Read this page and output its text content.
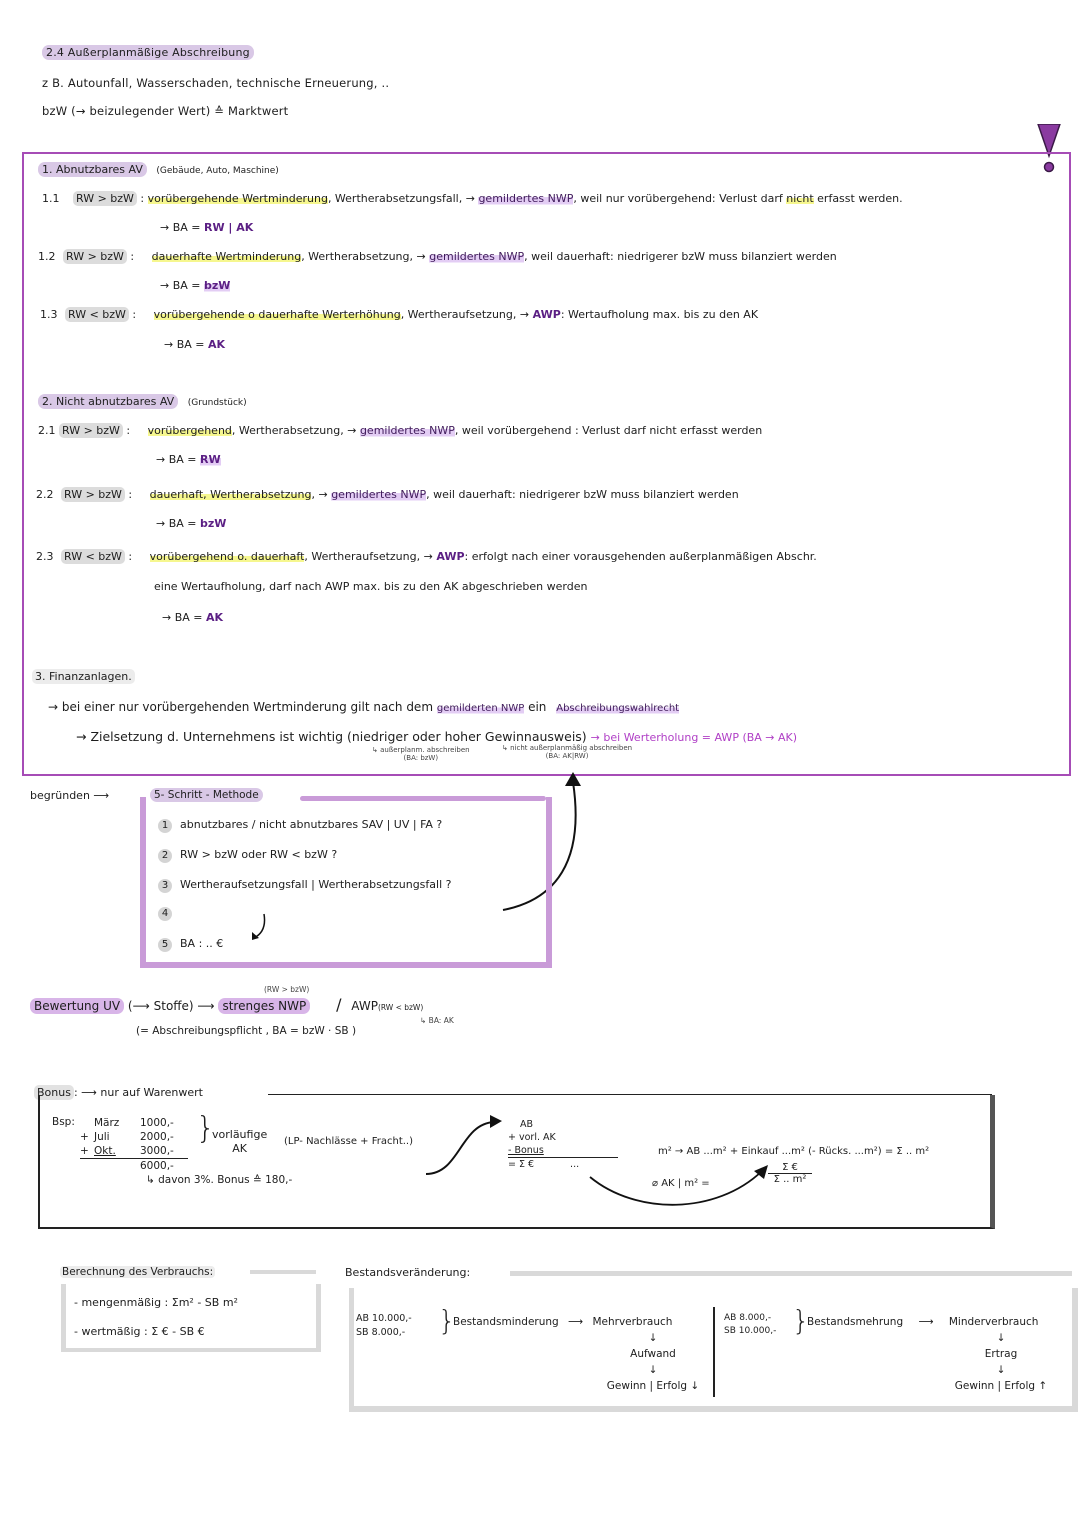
2.4 Außerplanmäßige Abschreibung
z B. Autounfall, Wasserschaden, technische Erneuerung, ..
bzW (→ beizulegender Wert) ≙ Marktwert
1. Abnutzbares AV (Gebäude, Auto, Maschine)
1.1 RW > bzW : vorübergehende Wertminderung, Wertherabsetzungsfall, → gemildertes NWP, weil nur vorübergehend: Verlust darf nicht erfasst werden.
→ BA = RW | AK
1.2 RW > bzW : dauerhafte Wertminderung, Wertherabsetzung, → gemildertes NWP, weil dauerhaft: niedrigerer bzW muss bilanziert werden
→ BA = bzW
1.3 RW < bzW : vorübergehende o dauerhafte Werterhöhung, Wertheraufsetzung, → AWP: Wertaufholung max. bis zu den AK
→ BA = AK
2. Nicht abnutzbares AV (Grundstück)
2.1 RW > bzW : vorübergehend, Wertherabsetzung, → gemildertes NWP, weil vorübergehend : Verlust darf nicht erfasst werden
→ BA = RW
2.2 RW > bzW : dauerhaft, Wertherabsetzung, → gemildertes NWP, weil dauerhaft: niedrigerer bzW muss bilanziert werden
→ BA = bzW
2.3 RW < bzW : vorübergehend o. dauerhaft, Wertheraufsetzung, → AWP: erfolgt nach einer vorausgehenden außerplanmäßigen Abschr.
eine Wertaufholung, darf nach AWP max. bis zu den AK abgeschrieben werden
→ BA = AK
3. Finanzanlagen.
→ bei einer nur vorübergehenden Wertminderung gilt nach dem gemilderten NWP ein Abschreibungswahlrecht
→ Zielsetzung d. Unternehmens ist wichtig (niedriger oder hoher Gewinnausweis) → bei Werterholung = AWP (BA → AK)
↳ außerplanm. abschreiben
(BA: bzW)
↳ nicht außerplanmäßig abschreiben
(BA: AK|RW)
begründen ⟶	5- Schritt - Methode
1 abnutzbares / nicht abnutzbares SAV | UV | FA ?
2 RW > bzW oder RW < bzW ?
3 Wertheraufsetzungsfall | Wertherabsetzungsfall ?
4
5 BA : .. €
(RW > bzW)
Bewertung UV (⟶ Stoffe) ⟶ strenges NWP / AWP(RW < bzW)
↳ BA: AK
(= Abschreibungspflicht , BA = bzW · SB )
Bonus : ⟶ nur auf Warenwert
Bsp:	März 1000,-
+ Juli	2000,-
+ Okt. 3000,-
6000,-
↳ davon 3%. Bonus ≙ 180,-
}
vorläufige
AK
(LP- Nachlässe + Fracht..)
AB
+ vorl. AK
- Bonus
= Σ €	...
m² → AB ...m² + Einkauf ...m² (- Rücks. ...m²) = Σ .. m²
⌀ AK | m² =
Σ €
Σ .. m²
Berechnung des Verbrauchs:
- mengenmäßig : Σm² - SB m²
- wertmäßig : Σ € - SB €
Bestandsveränderung:
AB 10.000,-
SB 8.000,- }
Bestandsminderung ⟶ Mehrverbrauch
↓
Aufwand
↓
Gewinn | Erfolg ↓
AB 8.000,-
SB 10.000,- }
Bestandsmehrung ⟶ Minderverbrauch
↓
Ertrag
↓
Gewinn | Erfolg ↑
